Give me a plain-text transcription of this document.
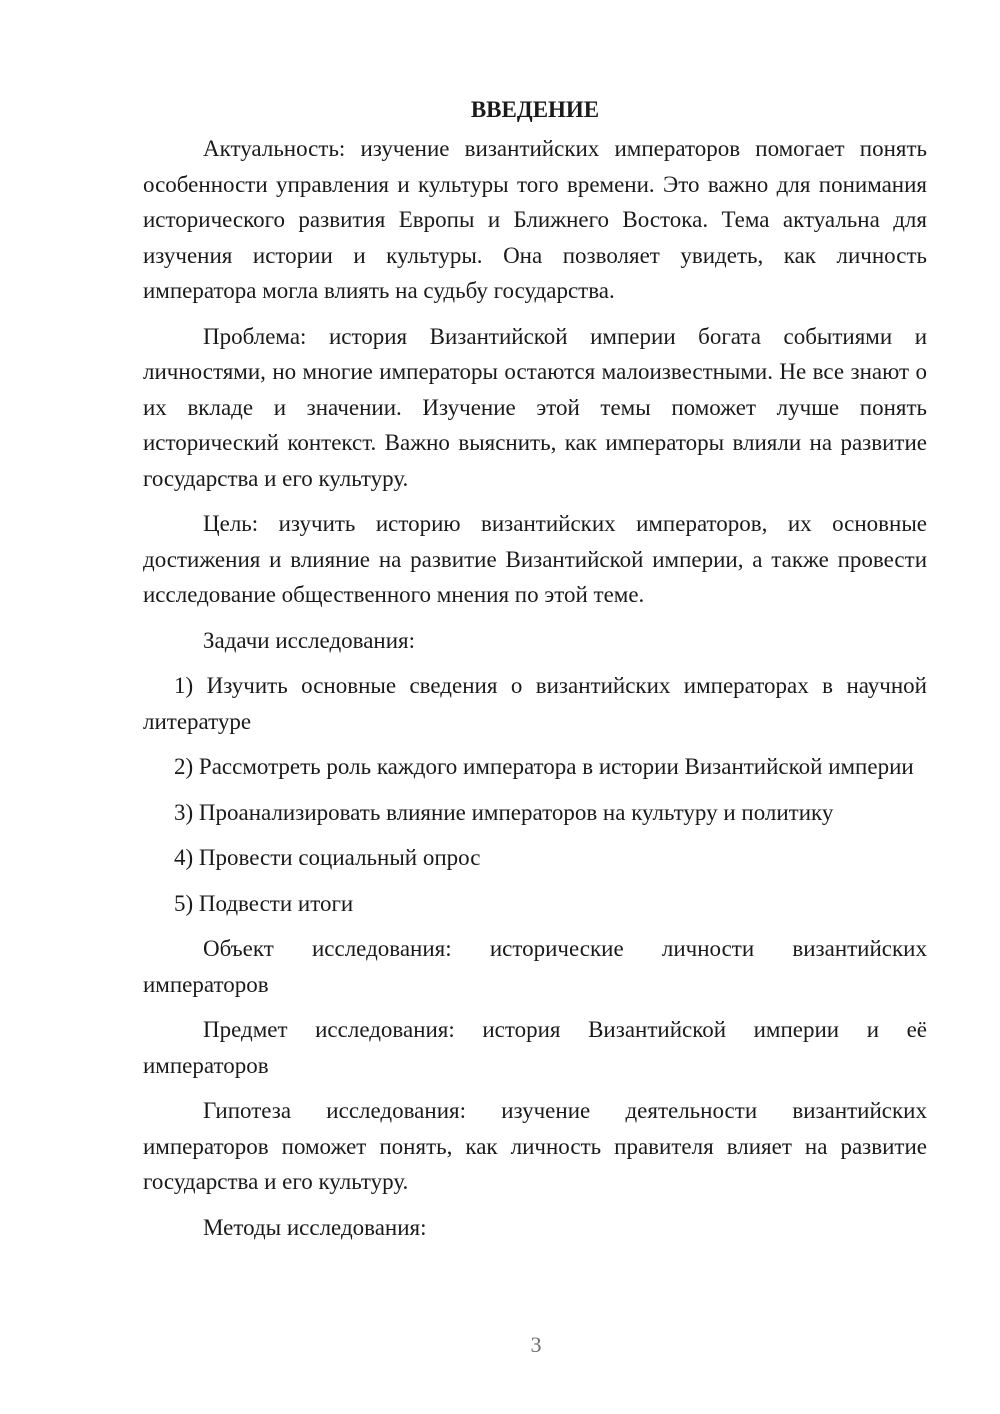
ВВЕДЕНИЕ

Актуальность: изучение византийских императоров помогает понять особенности управления и культуры того времени. Это важно для понимания исторического развития Европы и Ближнего Востока. Тема актуальна для изучения истории и культуры. Она позволяет увидеть, как личность императора могла влиять на судьбу государства.

Проблема: история Византийской империи богата событиями и личностями, но многие императоры остаются малоизвестными. Не все знают о их вкладе и значении. Изучение этой темы поможет лучше понять исторический контекст. Важно выяснить, как императоры влияли на развитие государства и его культуру.

Цель: изучить историю византийских императоров, их основные достижения и влияние на развитие Византийской империи, а также провести исследование общественного мнения по этой теме.

Задачи исследования:

1) Изучить основные сведения о византийских императорах в научной литературе

2) Рассмотреть роль каждого императора в истории Византийской империи

3) Проанализировать влияние императоров на культуру и политику

4) Провести социальный опрос

5) Подвести итоги

Объект исследования: исторические личности византийских императоров

Предмет исследования: история Византийской империи и её императоров

Гипотеза исследования: изучение деятельности византийских императоров поможет понять, как личность правителя влияет на развитие государства и его культуру.

Методы исследования:

3
